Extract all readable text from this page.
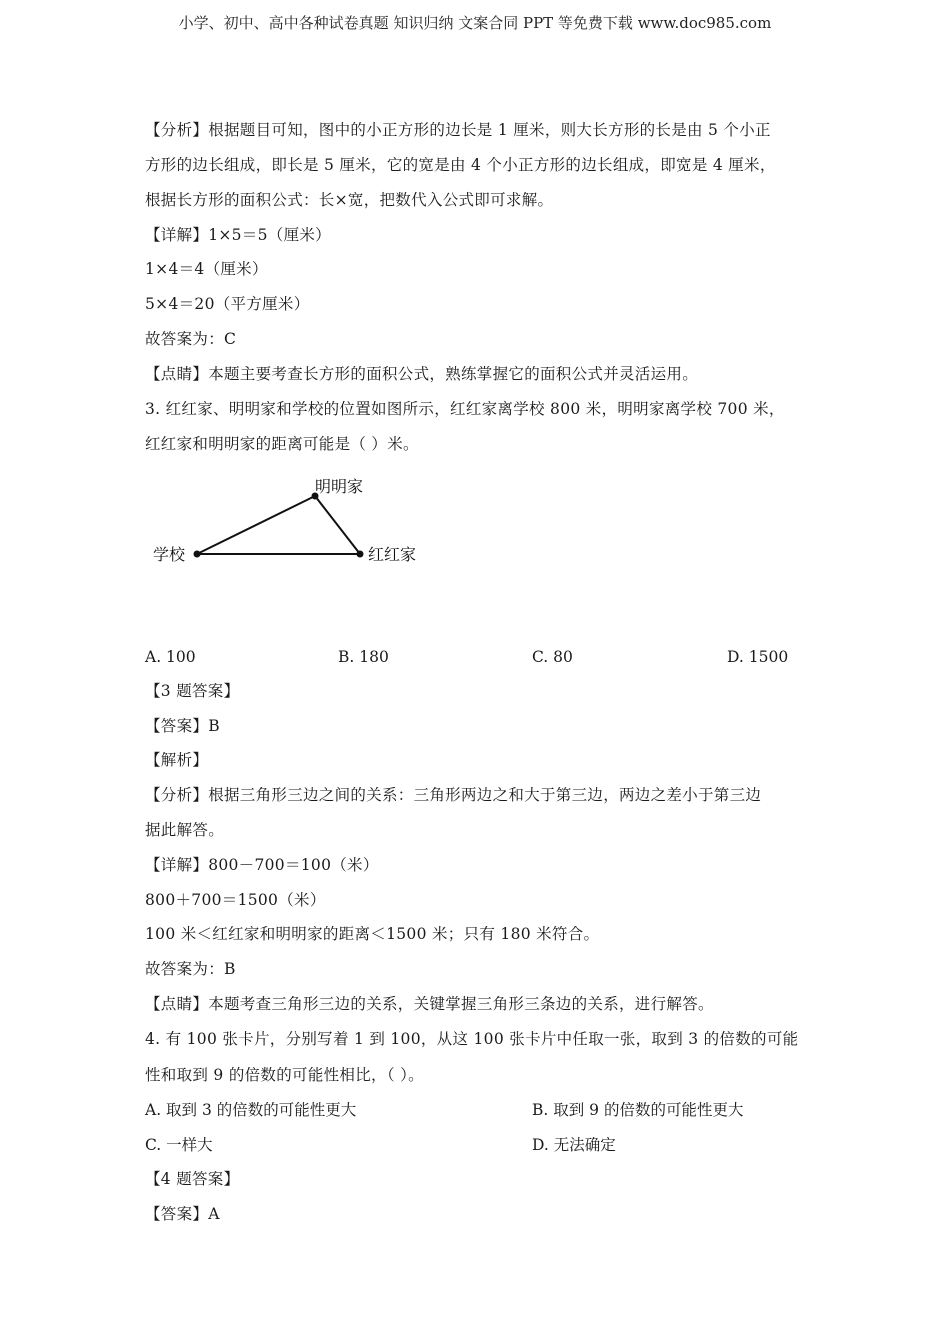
小学、初中、高中各种试卷真题 知识归纳 文案合同 PPT 等免费下载 www.doc985.com
【分析】根据题目可知，图中的小正方形的边长是 1 厘米，则大长方形的长是由 5 个小正
方形的边长组成，即长是 5 厘米，它的宽是由 4 个小正方形的边长组成，即宽是 4 厘米，
根据长方形的面积公式：长×宽，把数代入公式即可求解。
【详解】1×5＝5（厘米）
1×4＝4（厘米）
5×4＝20（平方厘米）
故答案为：C
【点睛】本题主要考查长方形的面积公式，熟练掌握它的面积公式并灵活运用。
3. 红红家、明明家和学校的位置如图所示，红红家离学校 800 米，明明家离学校 700 米，
红红家和明明家的距离可能是（ ）米。
明明家
学校	红红家
A. 100	B. 180	C. 80	D. 1500
【3 题答案】
【答案】B
【解析】
【分析】根据三角形三边之间的关系：三角形两边之和大于第三边，两边之差小于第三边
据此解答。
【详解】800－700＝100（米）
800＋700＝1500（米）
100 米＜红红家和明明家的距离＜1500 米；只有 180 米符合。
故答案为：B
【点睛】本题考查三角形三边的关系，关键掌握三角形三条边的关系，进行解答。
4. 有 100 张卡片，分别写着 1 到 100，从这 100 张卡片中任取一张，取到 3 的倍数的可能
性和取到 9 的倍数的可能性相比，（ ）。
A. 取到 3 的倍数的可能性更大	B. 取到 9 的倍数的可能性更大
C. 一样大	D. 无法确定
【4 题答案】
【答案】A
